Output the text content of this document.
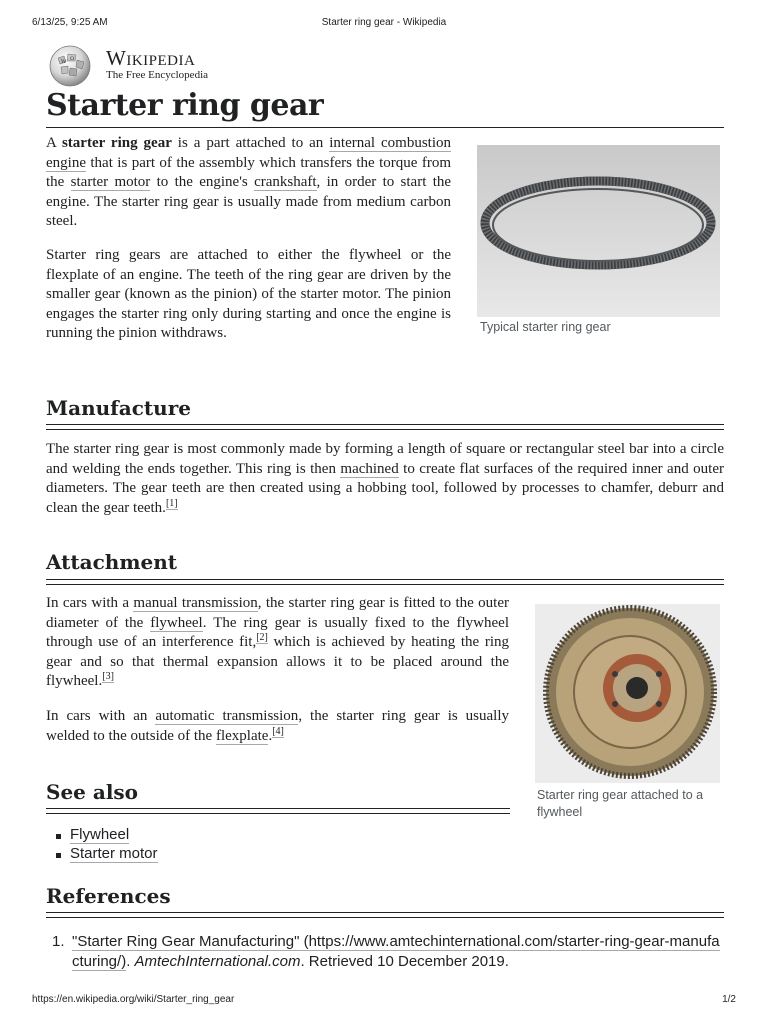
6/13/25, 9:25 AM	Starter ring gear - Wikipedia
W Ω Wikipedia
The Free Encyclopedia
Starter ring gear
A starter ring gear is a part attached to an internal combustion engine that is part of the assembly which transfers the torque from the starter motor to the engine's crankshaft, in order to start the engine. The starter ring gear is usually made from medium carbon steel.
Starter ring gears are attached to either the flywheel or the flexplate of an engine. The teeth of the ring gear are driven by the smaller gear (known as the pinion) of the starter motor. The pinion engages the starter ring only during starting and once the engine is running the pinion withdraws.	Typical starter ring gear
Manufacture
The starter ring gear is most commonly made by forming a length of square or rectangular steel bar into a circle and welding the ends together. This ring is then machined to create flat surfaces of the required inner and outer diameters. The gear teeth are then created using a hobbing tool, followed by processes to chamfer, deburr and clean the gear teeth.[1]
Attachment
In cars with a manual transmission, the starter ring gear is fitted to the outer diameter of the flywheel. The ring gear is usually fixed to the flywheel through use of an interference fit,[2] which is achieved by heating the ring gear and so that thermal expansion allows it to be placed around the flywheel.[3]
In cars with an automatic transmission, the starter ring gear is usually welded to the outside of the flexplate.[4]
Starter ring gear attached to a flywheel
See also
Flywheel
Starter motor
References
1. "Starter Ring Gear Manufacturing" (https://www.amtechinternational.com/starter-ring-gear-manufacturing/). AmtechInternational.com. Retrieved 10 December 2019.
https://en.wikipedia.org/wiki/Starter_ring_gear	1/2
